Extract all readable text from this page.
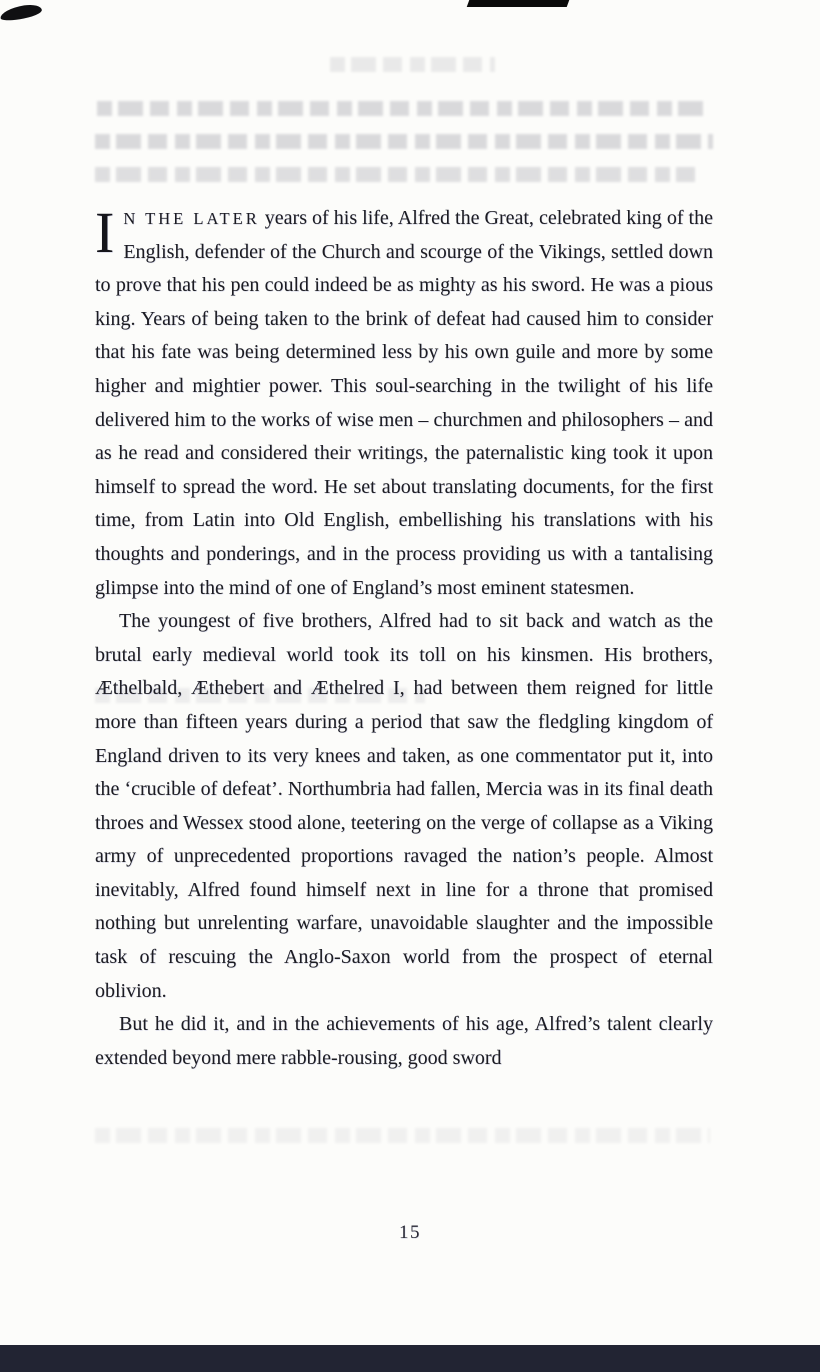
I N THE LATER years of his life, Alfred the Great, celebrated king of the English, defender of the Church and scourge of the Vikings, settled down to prove that his pen could indeed be as mighty as his sword. He was a pious king. Years of being taken to the brink of defeat had caused him to consider that his fate was being determined less by his own guile and more by some higher and mightier power. This soul-searching in the twilight of his life delivered him to the works of wise men – churchmen and philosophers – and as he read and considered their writings, the paternalistic king took it upon himself to spread the word. He set about translating documents, for the first time, from Latin into Old English, embellishing his translations with his thoughts and ponderings, and in the process providing us with a tantalising glimpse into the mind of one of England’s most eminent statesmen.

The youngest of five brothers, Alfred had to sit back and watch as the brutal early medieval world took its toll on his kinsmen. His brothers, Æthelbald, Æthebert and Æthelred I, had between them reigned for little more than fifteen years during a period that saw the fledgling kingdom of England driven to its very knees and taken, as one commentator put it, into the ‘crucible of defeat’. Northumbria had fallen, Mercia was in its final death throes and Wessex stood alone, teetering on the verge of collapse as a Viking army of unprecedented proportions ravaged the nation’s people. Almost inevitably, Alfred found himself next in line for a throne that promised nothing but unrelenting warfare, unavoidable slaughter and the impossible task of rescuing the Anglo-Saxon world from the prospect of eternal oblivion.

But he did it, and in the achievements of his age, Alfred’s talent clearly extended beyond mere rabble-rousing, good sword

15
